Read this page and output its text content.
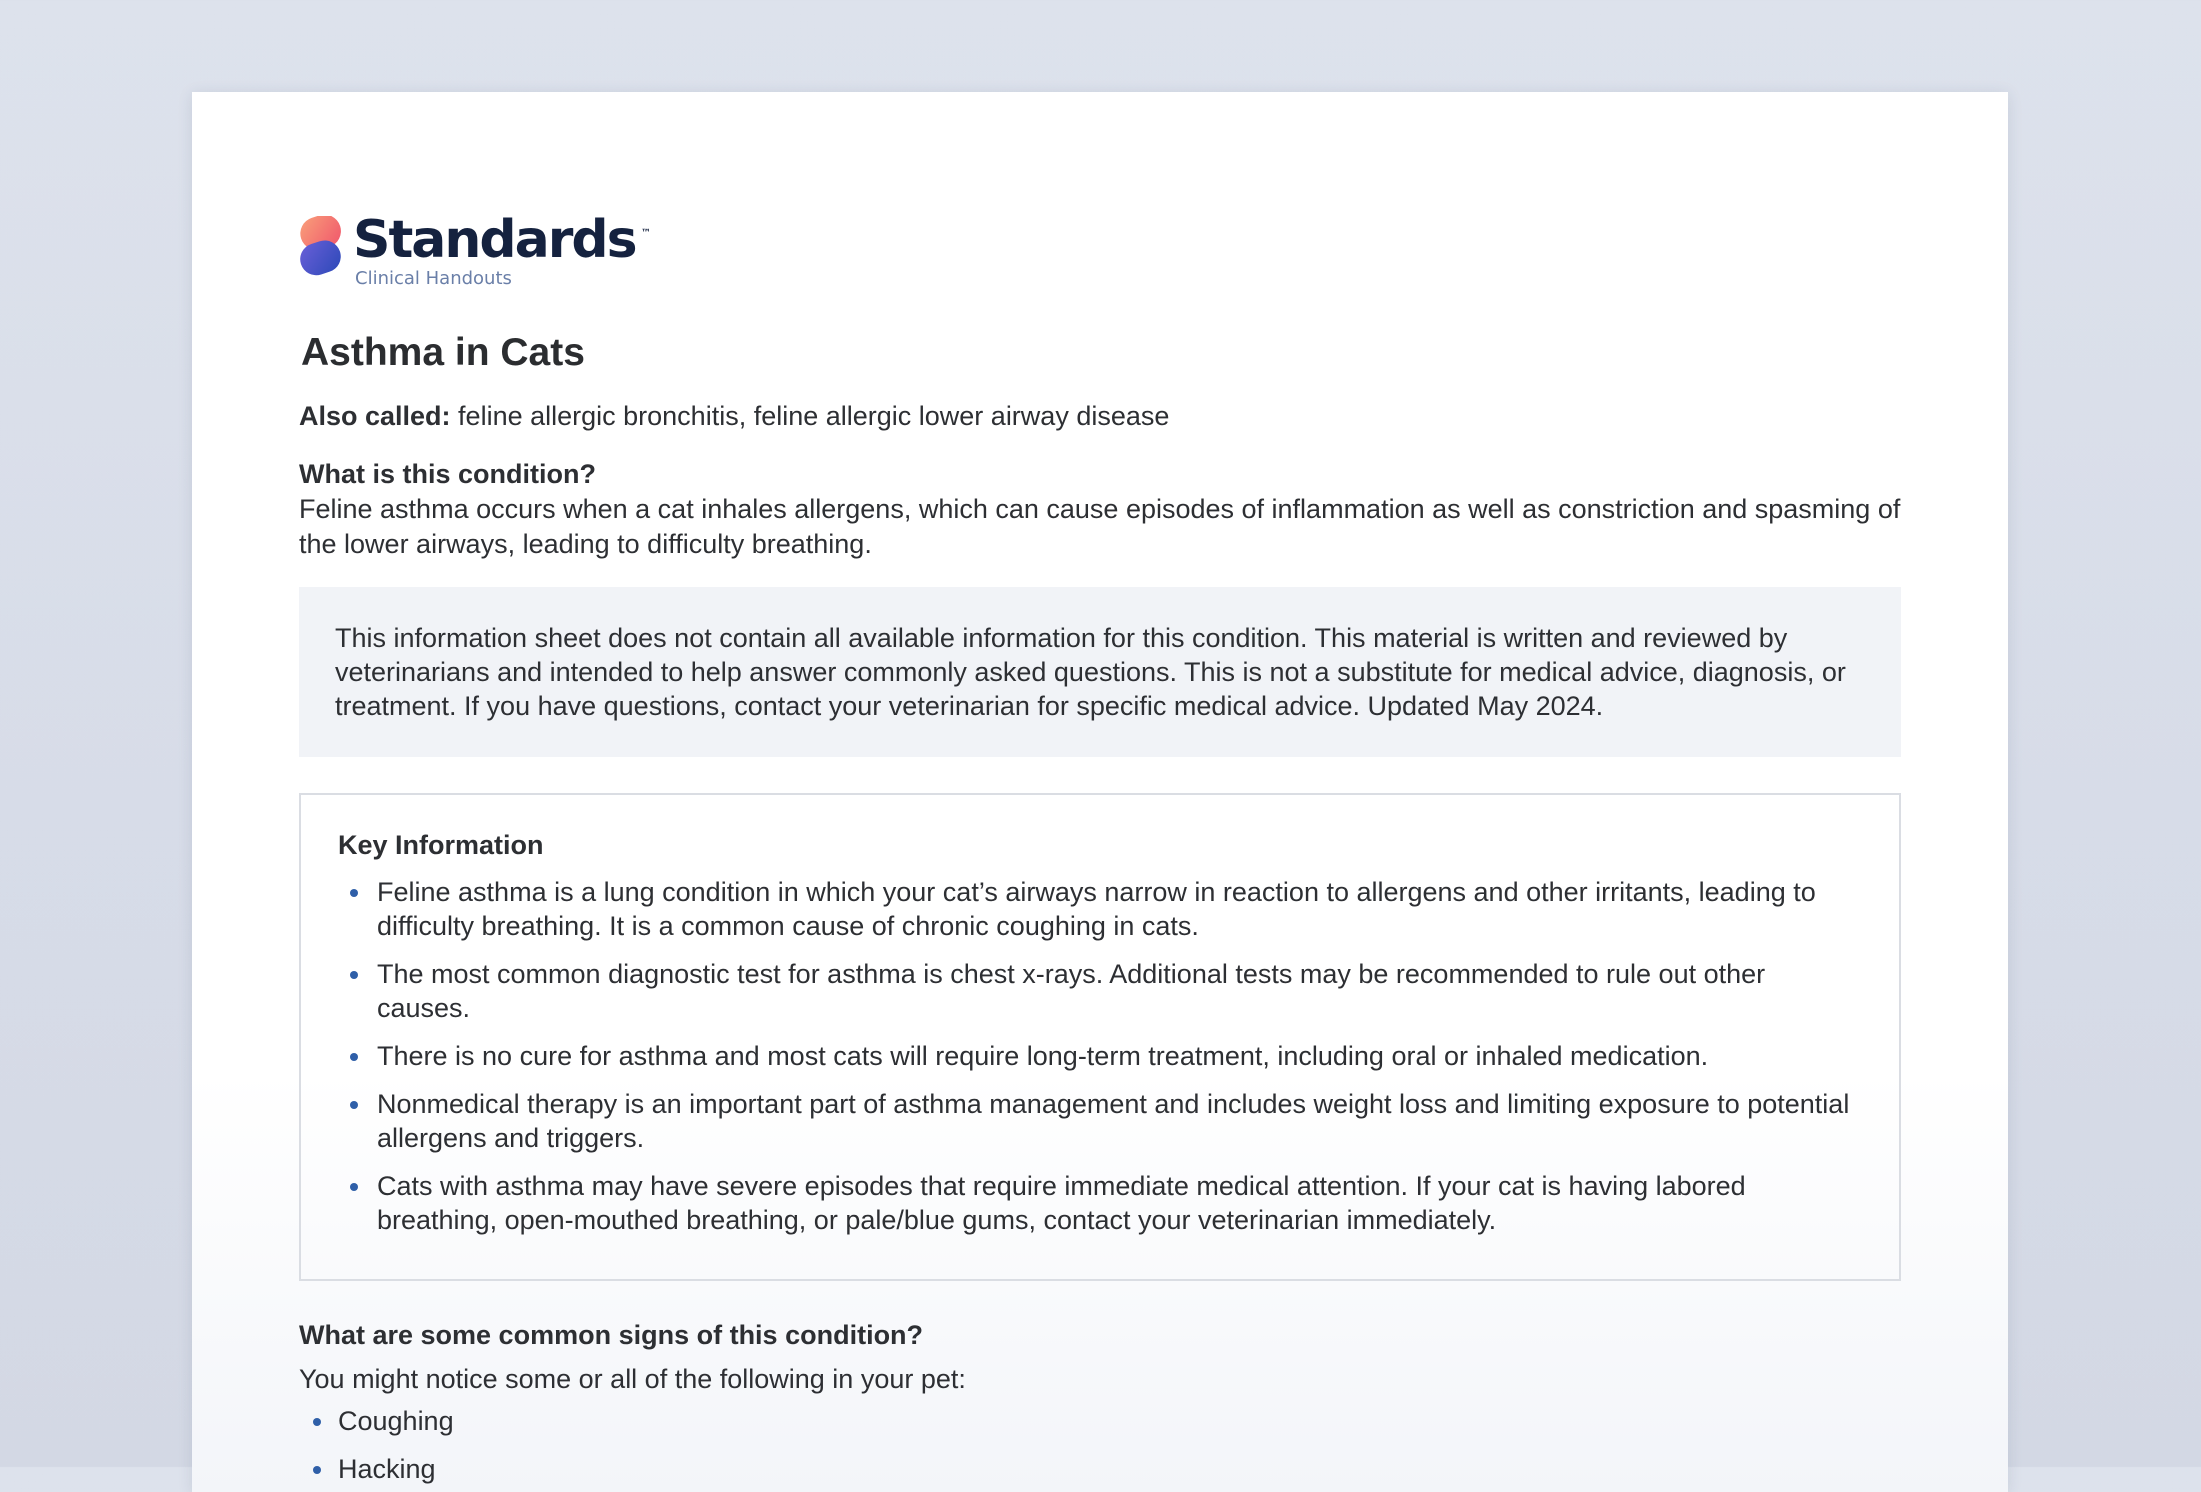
Standards ™
Clinical Handouts
Asthma in Cats
Also called: feline allergic bronchitis, feline allergic lower airway disease
What is this condition?
Feline asthma occurs when a cat inhales allergens, which can cause episodes of inflammation as well as constriction and spasming of the lower airways, leading to difficulty breathing.
This information sheet does not contain all available information for this condition. This material is written and reviewed by veterinarians and intended to help answer commonly asked questions. This is not a substitute for medical advice, diagnosis, or treatment. If you have questions, contact your veterinarian for specific medical advice. Updated May 2024.
Key Information
Feline asthma is a lung condition in which your cat’s airways narrow in reaction to allergens and other irritants, leading to difficulty breathing. It is a common cause of chronic coughing in cats.
The most common diagnostic test for asthma is chest x-rays. Additional tests may be recommended to rule out other causes.
There is no cure for asthma and most cats will require long-term treatment, including oral or inhaled medication.
Nonmedical therapy is an important part of asthma management and includes weight loss and limiting exposure to potential allergens and triggers.
Cats with asthma may have severe episodes that require immediate medical attention. If your cat is having labored breathing, open-mouthed breathing, or pale/blue gums, contact your veterinarian immediately.
What are some common signs of this condition?
You might notice some or all of the following in your pet:
Coughing
Hacking
